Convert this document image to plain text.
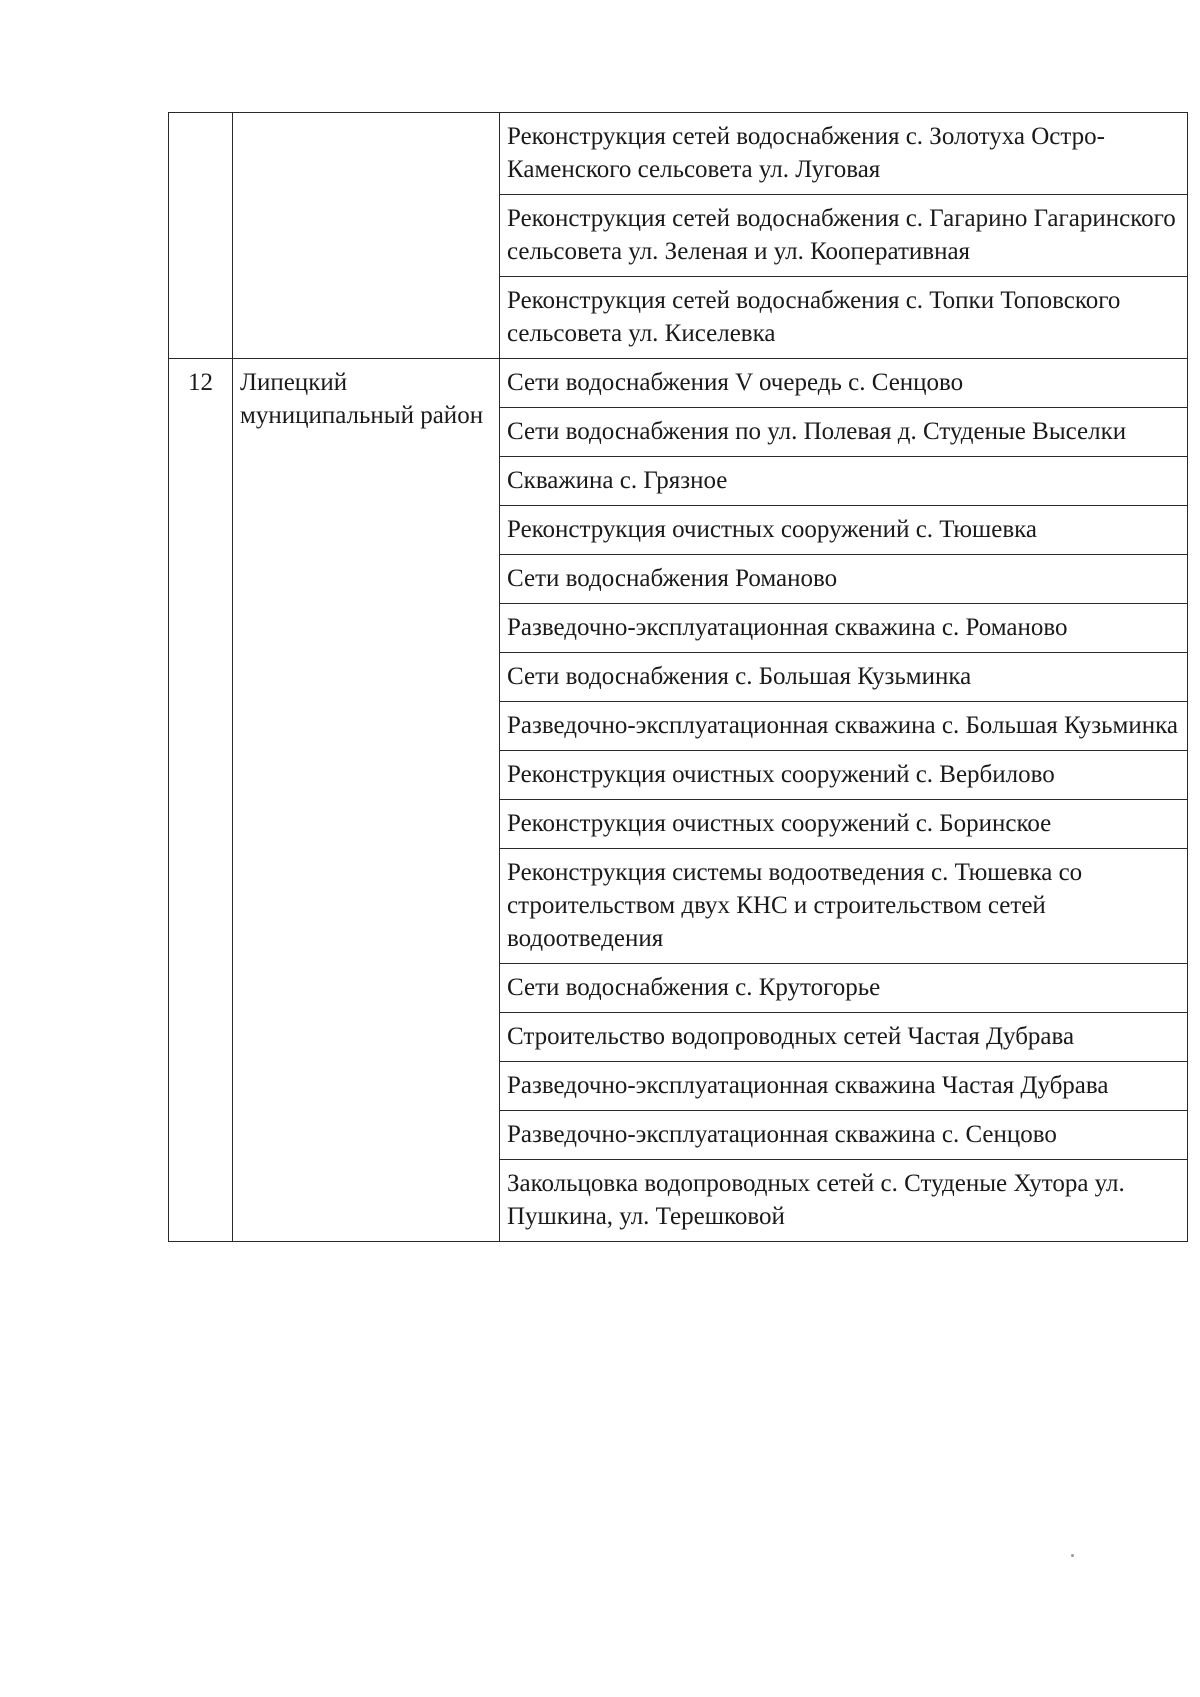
		Реконструкция сетей водоснабжения с. Золотуха Остро-Каменского сельсовета ул. Луговая
		Реконструкция сетей водоснабжения с. Гагарино Гагаринского сельсовета ул. Зеленая и ул. Кооперативная
		Реконструкция сетей водоснабжения с. Топки Топовского сельсовета ул. Киселевка
12	Липецкий муниципальный район	Сети водоснабжения V очередь с. Сенцово
		Сети водоснабжения по ул. Полевая д. Студеные Выселки
		Скважина с. Грязное
		Реконструкция очистных сооружений с. Тюшевка
		Сети водоснабжения Романово
		Разведочно-эксплуатационная скважина с. Романово
		Сети водоснабжения с. Большая Кузьминка
		Разведочно-эксплуатационная скважина с. Большая Кузьминка
		Реконструкция очистных сооружений с. Вербилово
		Реконструкция очистных сооружений с. Боринское
		Реконструкция системы водоотведения с. Тюшевка со строительством двух КНС и строительством сетей водоотведения
		Сети водоснабжения с. Крутогорье
		Строительство водопроводных сетей Частая Дубрава
		Разведочно-эксплуатационная скважина Частая Дубрава
		Разведочно-эксплуатационная скважина с. Сенцово
		Закольцовка водопроводных сетей с. Студеные Хутора ул. Пушкина, ул. Терешковой
